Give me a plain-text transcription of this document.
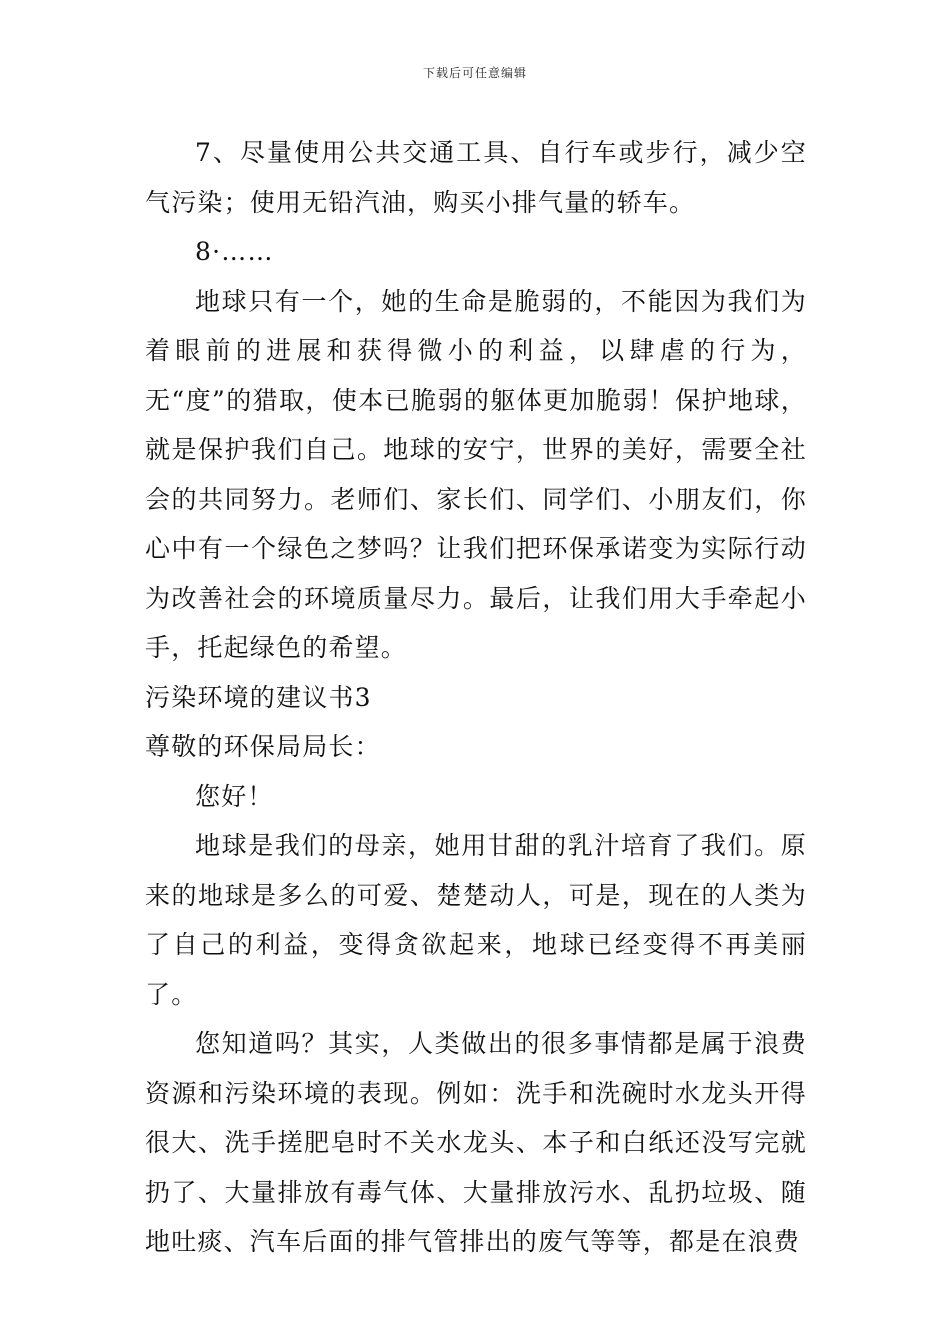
下载后可任意编辑

7、尽量使用公共交通工具、自行车或步行，减少空气污染；使用无铅汽油，购买小排气量的轿车。

8·……

地球只有一个，她的生命是脆弱的，不能因为我们为着眼前的进展和获得微小的利益，以肆虐的行为，无“度”的猎取，使本已脆弱的躯体更加脆弱！保护地球，就是保护我们自己。地球的安宁，世界的美好，需要全社会的共同努力。老师们、家长们、同学们、小朋友们，你心中有一个绿色之梦吗？让我们把环保承诺变为实际行动为改善社会的环境质量尽力。最后，让我们用大手牵起小手，托起绿色的希望。

污染环境的建议书3

尊敬的环保局局长：

您好！

地球是我们的母亲，她用甘甜的乳汁培育了我们。原来的地球是多么的可爱、楚楚动人，可是，现在的人类为了自己的利益，变得贪欲起来，地球已经变得不再美丽了。

您知道吗？其实，人类做出的很多事情都是属于浪费资源和污染环境的表现。例如：洗手和洗碗时水龙头开得很大、洗手搓肥皂时不关水龙头、本子和白纸还没写完就扔了、大量排放有毒气体、大量排放污水、乱扔垃圾、随地吐痰、汽车后面的排气管排出的废气等等，都是在浪费
